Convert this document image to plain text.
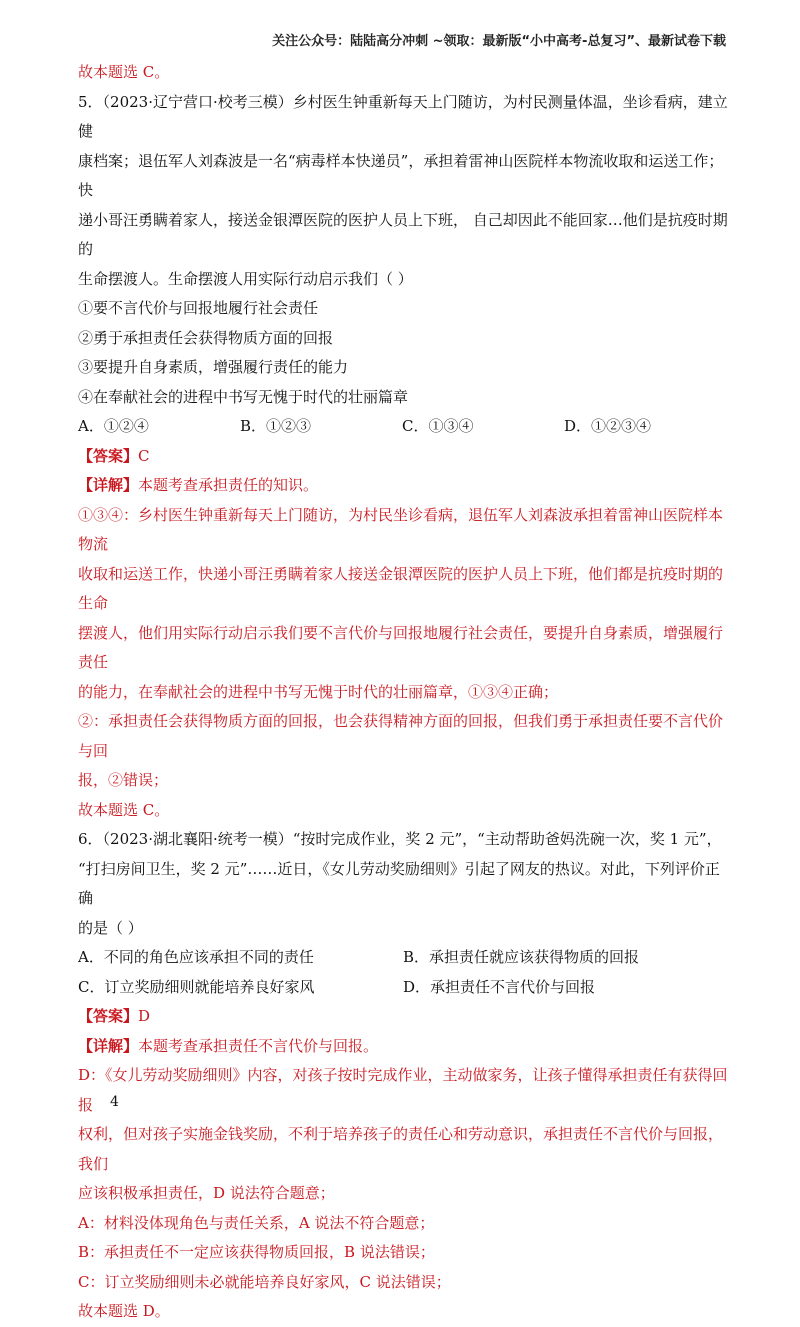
关注公众号：陆陆高分冲刺 ~领取：最新版“小中高考-总复习”、最新试卷下载

故本题选 C。

5．（2023·辽宁营口·校考三模）乡村医生钟重新每天上门随访，为村民测量体温，坐诊看病，建立健

康档案；退伍军人刘森波是一名“病毒样本快递员”，承担着雷神山医院样本物流收取和运送工作；快

递小哥汪勇瞒着家人，接送金银潭医院的医护人员上下班， 自己却因此不能回家…他们是抗疫时期的

生命摆渡人。生命摆渡人用实际行动启示我们（ ）

①要不言代价与回报地履行社会责任

②勇于承担责任会获得物质方面的回报

③要提升自身素质，增强履行责任的能力

④在奉献社会的进程中书写无愧于时代的壮丽篇章

A．①②④	B．①②③	C．①③④	D．①②③④

【答案】C

【详解】本题考查承担责任的知识。

①③④：乡村医生钟重新每天上门随访，为村民坐诊看病，退伍军人刘森波承担着雷神山医院样本物流

收取和运送工作，快递小哥汪勇瞒着家人接送金银潭医院的医护人员上下班，他们都是抗疫时期的生命

摆渡人，他们用实际行动启示我们要不言代价与回报地履行社会责任，要提升自身素质，增强履行责任

的能力，在奉献社会的进程中书写无愧于时代的壮丽篇章，①③④正确；

②：承担责任会获得物质方面的回报，也会获得精神方面的回报，但我们勇于承担责任要不言代价与回

报，②错误；

故本题选 C。

6．（2023·湖北襄阳·统考一模）“按时完成作业，奖 2 元”，“主动帮助爸妈洗碗一次，奖 1 元”，

“打扫房间卫生，奖 2 元”……近日，《女儿劳动奖励细则》引起了网友的热议。对此，下列评价正确

的是（ ）

A．不同的角色应该承担不同的责任	B．承担责任就应该获得物质的回报
C．订立奖励细则就能培养良好家风	D．承担责任不言代价与回报

【答案】D

【详解】本题考查承担责任不言代价与回报。

D：《女儿劳动奖励细则》内容，对孩子按时完成作业，主动做家务，让孩子懂得承担责任有获得回报

权利，但对孩子实施金钱奖励，不利于培养孩子的责任心和劳动意识，承担责任不言代价与回报，我们

应该积极承担责任，D 说法符合题意；

A：材料没体现角色与责任关系，A 说法不符合题意；

B：承担责任不一定应该获得物质回报，B 说法错误；

C：订立奖励细则未必就能培养良好家风，C 说法错误；

故本题选 D。

4
